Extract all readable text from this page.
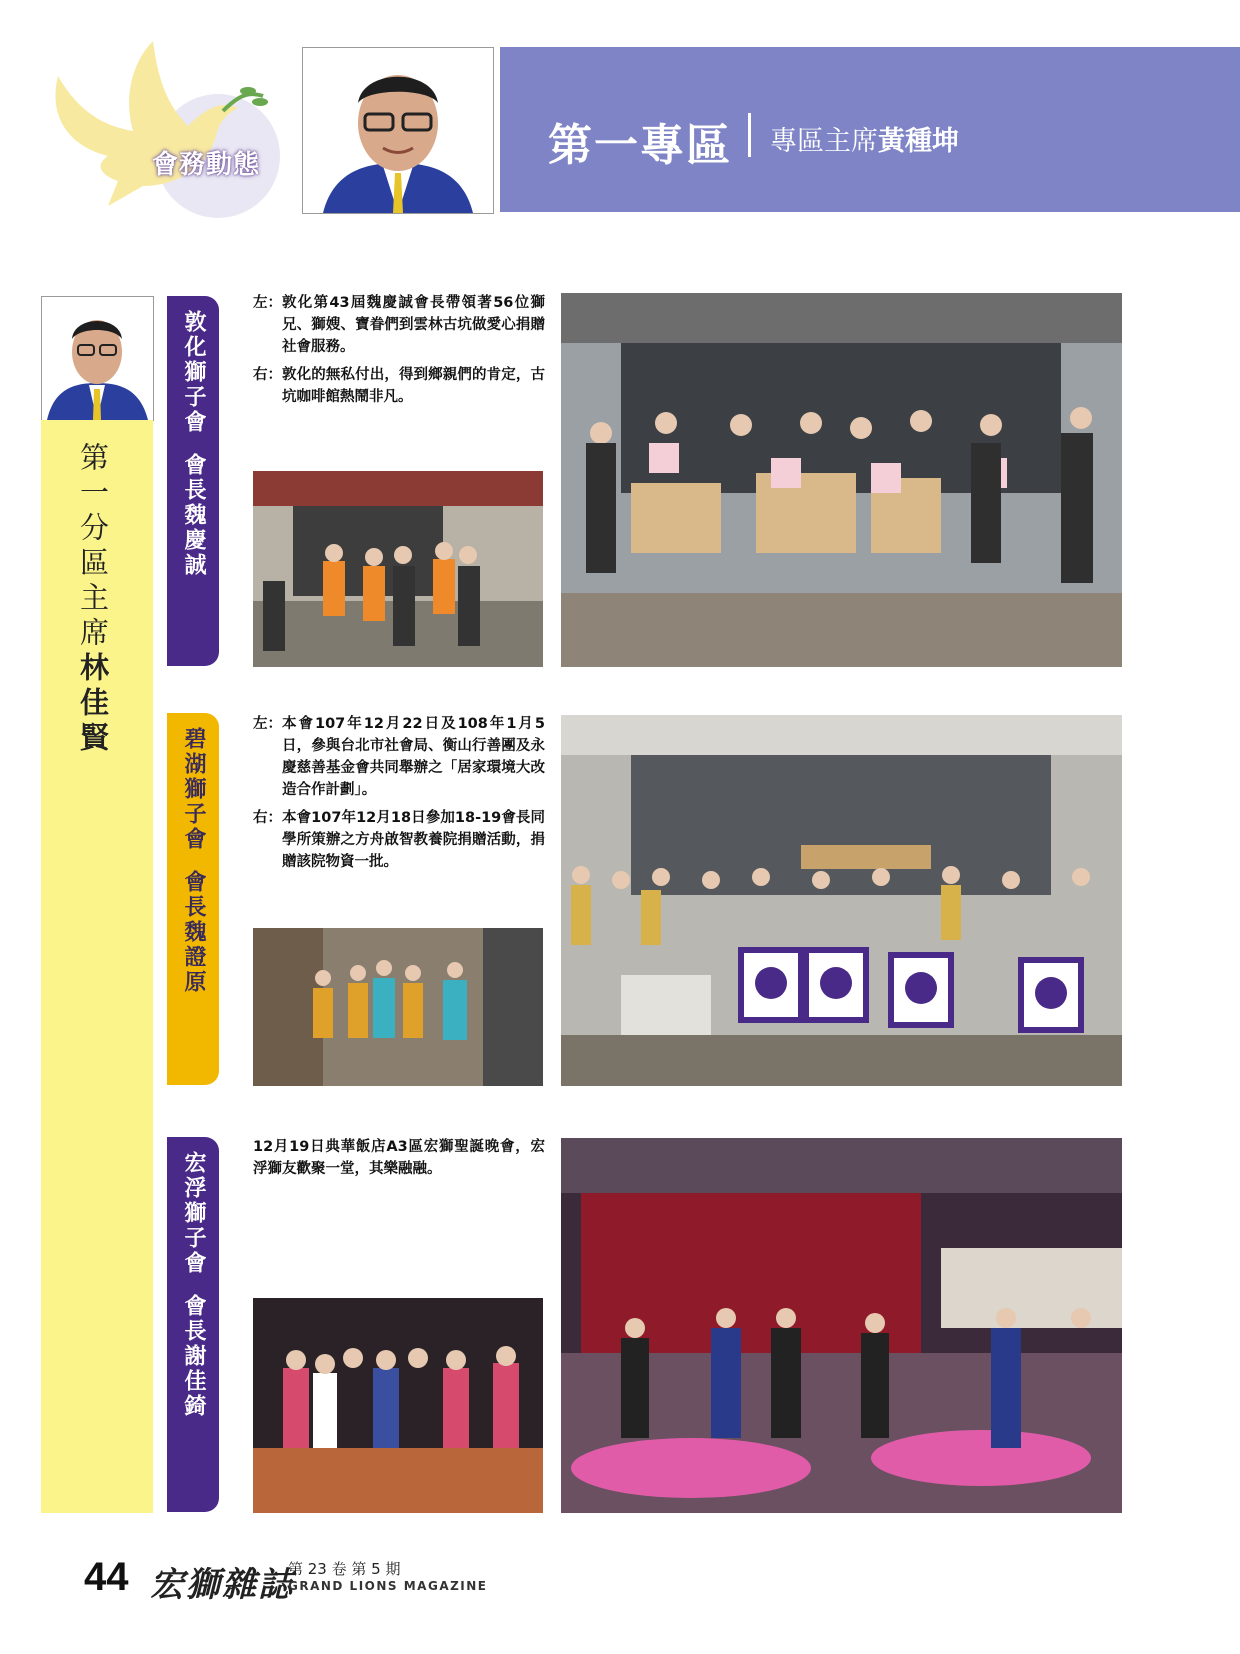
會務動態	第一專區 專區主席黃種坤
第一分區主席林佳賢
敦化獅子會會長魏慶誠
左： 敦化第43屆魏慶誠會長帶領著56位獅兄、獅嫂、寶眷們到雲林古坑做愛心捐贈社會服務。
右： 敦化的無私付出，得到鄉親們的肯定，古坑咖啡館熱鬧非凡。
碧湖獅子會會長魏證原
左： 本會107年12月22日及108年1月5日，參與台北市社會局、衡山行善團及永慶慈善基金會共同舉辦之「居家環境大改造合作計劃」。
右： 本會107年12月18日參加18-19會長同學所策辦之方舟啟智教養院捐贈活動，捐贈該院物資一批。
宏浮獅子會會長謝佳錡
12月19日典華飯店A3區宏獅聖誕晚會，宏浮獅友歡聚一堂，其樂融融。
44 宏獅雜誌
第 23 卷 第 5 期
GRAND LIONS MAGAZINE
